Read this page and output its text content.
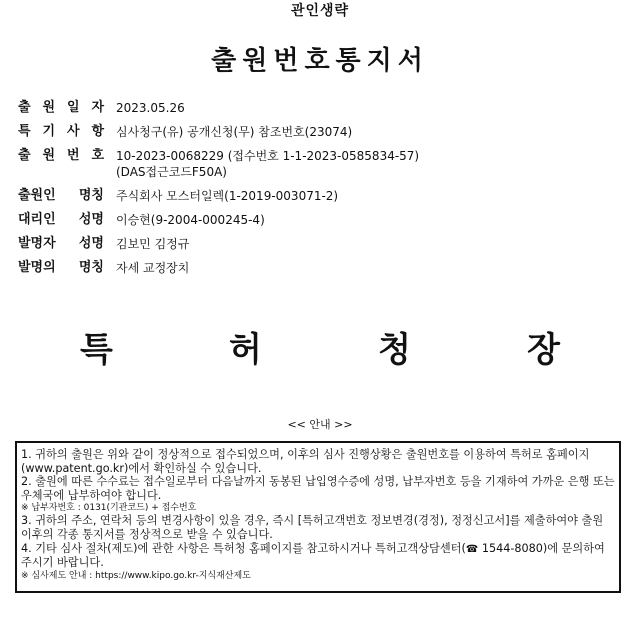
관인생략
출원번호통지서
출 원 일 자	2023.05.26
특 기 사 항	심사청구(유) 공개신청(무) 참조번호(23074)
출 원 번 호	10-2023-0068229 (접수번호 1-1-2023-0585834-57)
(DAS접근코드F50A)

출원인 명칭	주식회사 모스터일렉(1-2019-003071-2)
대리인 성명	이승현(9-2004-000245-4)
발명자 성명	김보민 김정규
발명의 명칭	자세 교정장치
특	허	청	장
<< 안내 >>

1. 귀하의 출원은 위와 같이 정상적으로 접수되었으며, 이후의 심사 진행상황은 출원번호를 이용하여 특허로 홈페이지(www.patent.go.kr)에서 확인하실 수 있습니다.

2. 출원에 따른 수수료는 접수일로부터 다음날까지 동봉된 납입영수증에 성명, 납부자번호 등을 기재하여 가까운 은행 또는 우체국에 납부하여야 합니다.

※ 납부자번호 : 0131(기관코드) + 접수번호

3. 귀하의 주소, 연락처 등의 변경사항이 있을 경우, 즉시 [특허고객번호 정보변경(경정), 정정신고서]를 제출하여야 출원 이후의 각종 통지서를 정상적으로 받을 수 있습니다.

4. 기타 심사 절차(제도)에 관한 사항은 특허청 홈페이지를 참고하시거나 특허고객상담센터(☎ 1544-8080)에 문의하여 주시기 바랍니다.

※ 심사제도 안내 : https://www.kipo.go.kr-지식재산제도
